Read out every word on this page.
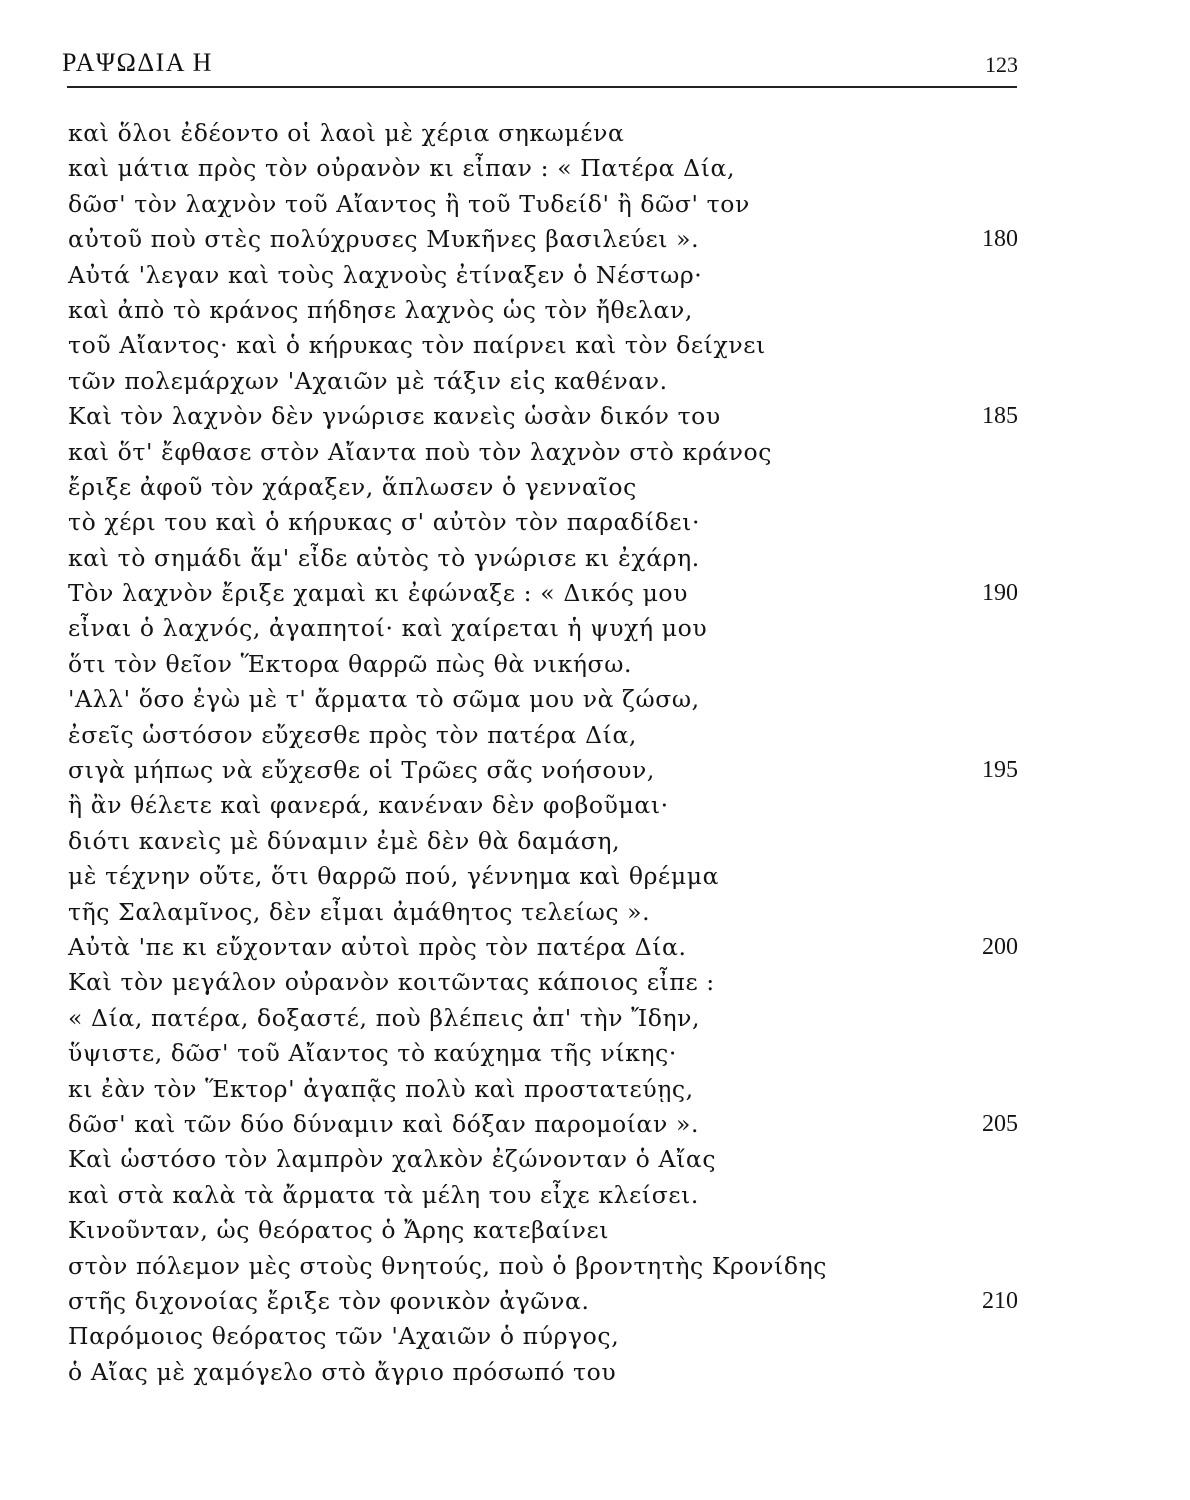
ΡΑΨΩΔΙΑ Η	123
καὶ ὅλοι ἐδέοντο οἱ λαοὶ μὲ χέρια σηκωμένα
καὶ μάτια πρὸς τὸν οὐρανὸν κι εἶπαν : « Πατέρα Δία,
δῶσ' τὸν λαχνὸν τοῦ Αἴαντος ἢ τοῦ Τυδείδ' ἢ δῶσ' τον
αὐτοῦ ποὺ στὲς πολύχρυσες Μυκῆνες βασιλεύει ».	180
Αὐτά 'λεγαν καὶ τοὺς λαχνοὺς ἐτίναξεν ὁ Νέστωρ·
καὶ ἀπὸ τὸ κράνος πήδησε λαχνὸς ὡς τὸν ἤθελαν,
τοῦ Αἴαντος· καὶ ὁ κήρυκας τὸν παίρνει καὶ τὸν δείχνει
τῶν πολεμάρχων 'Αχαιῶν μὲ τάξιν εἰς καθέναν.
Καὶ τὸν λαχνὸν δὲν γνώρισε κανεὶς ὡσὰν δικόν του	185
καὶ ὅτ' ἔφθασε στὸν Αἴαντα ποὺ τὸν λαχνὸν στὸ κράνος
ἔριξε ἀφοῦ τὸν χάραξεν, ἅπλωσεν ὁ γενναῖος
τὸ χέρι του καὶ ὁ κήρυκας σ' αὐτὸν τὸν παραδίδει·
καὶ τὸ σημάδι ἅμ' εἶδε αὐτὸς τὸ γνώρισε κι ἐχάρη.
Τὸν λαχνὸν ἔριξε χαμαὶ κι ἐφώναξε : « Δικός μου	190
εἶναι ὁ λαχνός, ἀγαπητοί· καὶ χαίρεται ἡ ψυχή μου
ὅτι τὸν θεῖον Ἕκτορα θαρρῶ πὼς θὰ νικήσω.
'Αλλ' ὅσο ἐγὼ μὲ τ' ἄρματα τὸ σῶμα μου νὰ ζώσω,
ἐσεῖς ὡστόσον εὔχεσθε πρὸς τὸν πατέρα Δία,
σιγὰ μήπως νὰ εὔχεσθε οἱ Τρῶες σᾶς νοήσουν,	195
ἢ ἂν θέλετε καὶ φανερά, κανέναν δὲν φοβοῦμαι·
διότι κανεὶς μὲ δύναμιν ἐμὲ δὲν θὰ δαμάση,
μὲ τέχνην οὔτε, ὅτι θαρρῶ πού, γέννημα καὶ θρέμμα
τῆς Σαλαμῖνος, δὲν εἶμαι ἀμάθητος τελείως ».
Αὐτὰ 'πε κι εὔχονταν αὐτοὶ πρὸς τὸν πατέρα Δία.	200
Καὶ τὸν μεγάλον οὐρανὸν κοιτῶντας κάποιος εἶπε :
« Δία, πατέρα, δοξαστέ, ποὺ βλέπεις ἀπ' τὴν Ἴδην,
ὕψιστε, δῶσ' τοῦ Αἴαντος τὸ καύχημα τῆς νίκης·
κι ἐὰν τὸν Ἕκτορ' ἀγαπᾷς πολὺ καὶ προστατεύῃς,
δῶσ' καὶ τῶν δύο δύναμιν καὶ δόξαν παρομοίαν ».	205
Καὶ ὡστόσο τὸν λαμπρὸν χαλκὸν ἐζώνονταν ὁ Αἴας
καὶ στὰ καλὰ τὰ ἄρματα τὰ μέλη του εἶχε κλείσει.
Κινοῦνταν, ὡς θεόρατος ὁ Ἄρης κατεβαίνει
στὸν πόλεμον μὲς στοὺς θνητούς, ποὺ ὁ βροντητὴς Κρονίδης
στῆς διχονοίας ἔριξε τὸν φονικὸν ἀγῶνα.	210
Παρόμοιος θεόρατος τῶν 'Αχαιῶν ὁ πύργος,
ὁ Αἴας μὲ χαμόγελο στὸ ἄγριο πρόσωπό του
